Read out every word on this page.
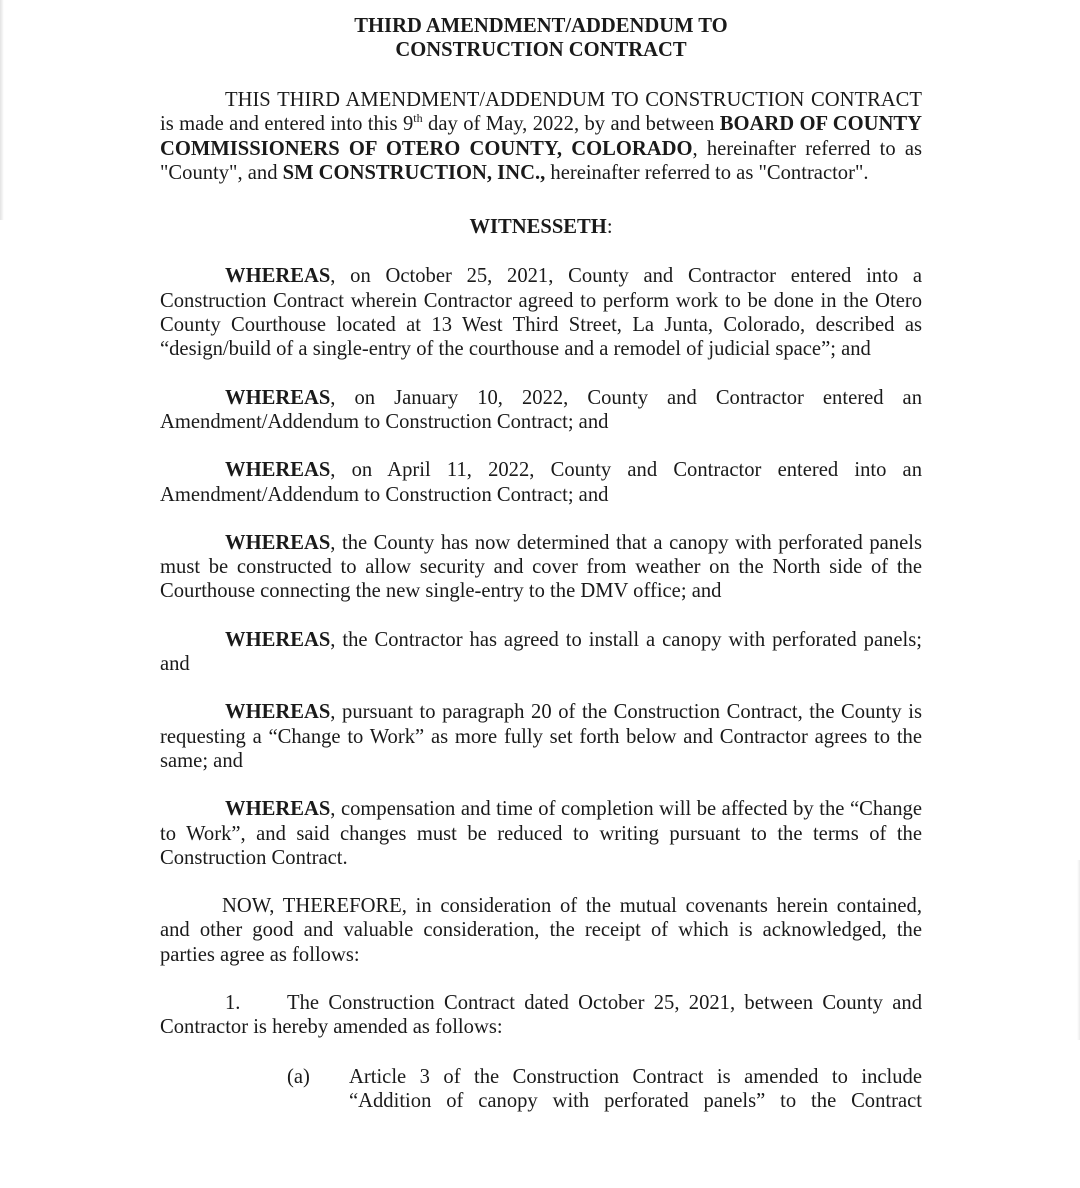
THIRD AMENDMENT/ADDENDUM TO
CONSTRUCTION CONTRACT

THIS THIRD AMENDMENT/ADDENDUM TO CONSTRUCTION CONTRACT is made and entered into this 9th day of May, 2022, by and between BOARD OF COUNTY COMMISSIONERS OF OTERO COUNTY, COLORADO, hereinafter referred to as "County", and SM CONSTRUCTION, INC., hereinafter referred to as "Contractor".

WITNESSETH:

WHEREAS, on October 25, 2021, County and Contractor entered into a Construction Contract wherein Contractor agreed to perform work to be done in the Otero County Courthouse located at 13 West Third Street, La Junta, Colorado, described as “design/build of a single-entry of the courthouse and a remodel of judicial space”; and

WHEREAS, on January 10, 2022, County and Contractor entered an Amendment/Addendum to Construction Contract; and

WHEREAS, on April 11, 2022, County and Contractor entered into an Amendment/Addendum to Construction Contract; and

WHEREAS, the County has now determined that a canopy with perforated panels must be constructed to allow security and cover from weather on the North side of the Courthouse connecting the new single-entry to the DMV office; and

WHEREAS, the Contractor has agreed to install a canopy with perforated panels; and

WHEREAS, pursuant to paragraph 20 of the Construction Contract, the County is requesting a “Change to Work” as more fully set forth below and Contractor agrees to the same; and

WHEREAS, compensation and time of completion will be affected by the “Change to Work”, and said changes must be reduced to writing pursuant to the terms of the Construction Contract.

NOW, THEREFORE, in consideration of the mutual covenants herein contained, and other good and valuable consideration, the receipt of which is acknowledged, the parties agree as follows:

1. The Construction Contract dated October 25, 2021, between County and Contractor is hereby amended as follows:

(a)	Article 3 of the Construction Contract is amended to include “Addition of canopy with perforated panels” to the Contract
